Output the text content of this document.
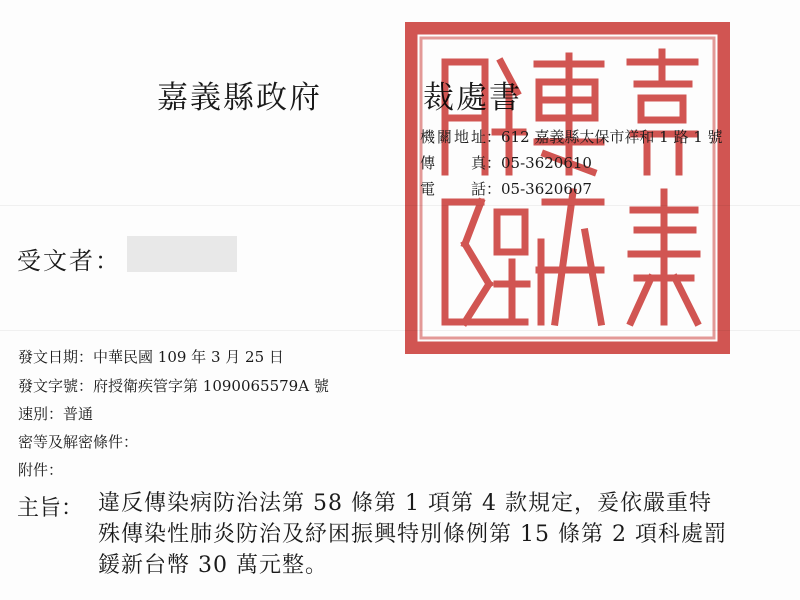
嘉義縣政府	裁處書
機關地址：612 嘉義縣太保市祥和 1 路 1 號
傳真：05-3620610
電話：05-3620607
受文者：
發文日期：中華民國 109 年 3 月 25 日
發文字號：府授衛疾管字第 1090065579A 號
速別：普通
密等及解密條件：
附件：
主旨： 違反傳染病防治法第 58 條第 1 項第 4 款規定，爰依嚴重特
殊傳染性肺炎防治及紓困振興特別條例第 15 條第 2 項科處罰
鍰新台幣 30 萬元整。
